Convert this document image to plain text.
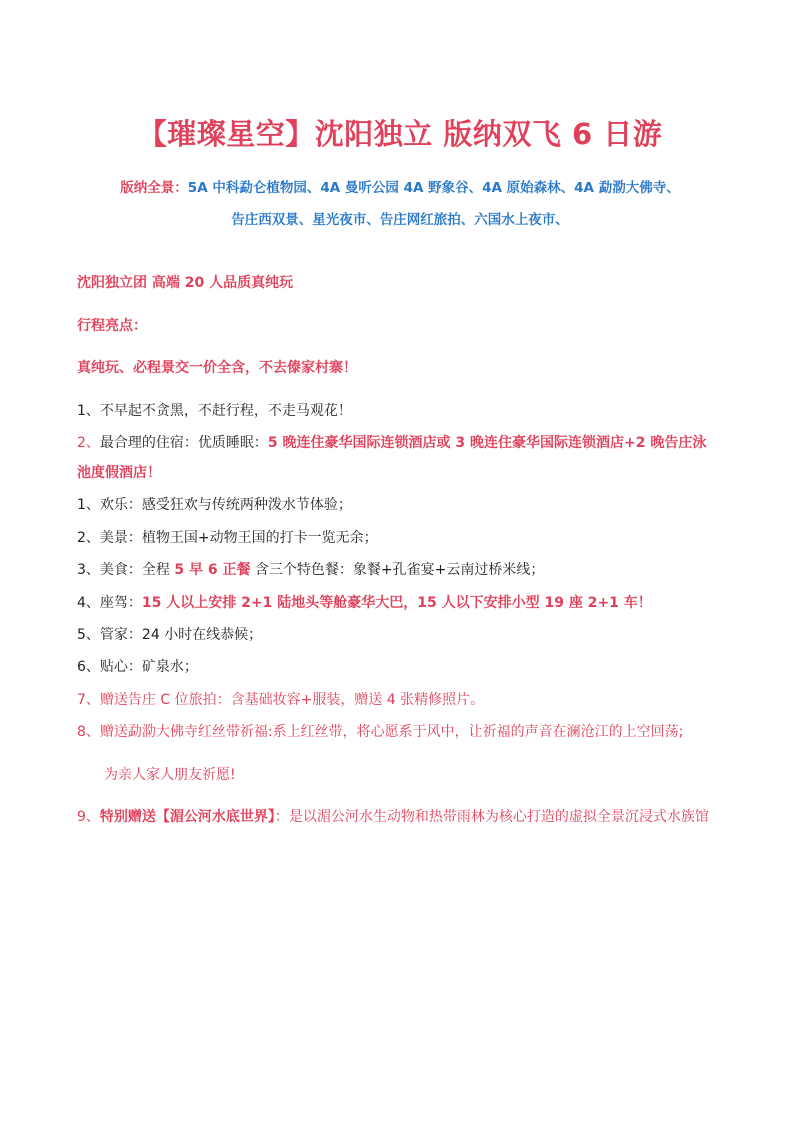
【璀璨星空】沈阳独立 版纳双飞 6 日游
版纳全景：5A 中科勐仑植物园、4A 曼听公园 4A 野象谷、4A 原始森林、4A 勐泐大佛寺、
告庄西双景、星光夜市、告庄网红旅拍、六国水上夜市、
沈阳独立团 高端 20 人品质真纯玩
行程亮点：
真纯玩、必程景交一价全含，不去傣家村寨！
1、不早起不贪黑，不赶行程，不走马观花！
2、最合理的住宿：优质睡眠：5 晚连住豪华国际连锁酒店或 3 晚连住豪华国际连锁酒店+2 晚告庄泳
池度假酒店！
1、欢乐：感受狂欢与传统两种泼水节体验；
2、美景：植物王国+动物王国的打卡一览无余；
3、美食：全程 5 早 6 正餐 含三个特色餐：象餐+孔雀宴+云南过桥米线；
4、座驾：15 人以上安排 2+1 陆地头等舱豪华大巴，15 人以下安排小型 19 座 2+1 车！
5、管家：24 小时在线恭候；
6、贴心：矿泉水；
7、赠送告庄 C 位旅拍：含基础妆容+服装，赠送 4 张精修照片。
8、赠送勐泐大佛寺红丝带祈福:系上红丝带，将心愿系于风中，让祈福的声音在澜沧江的上空回荡;
为亲人家人朋友祈愿!
9、特别赠送【湄公河水底世界】：是以湄公河水生动物和热带雨林为核心打造的虚拟全景沉浸式水族馆
